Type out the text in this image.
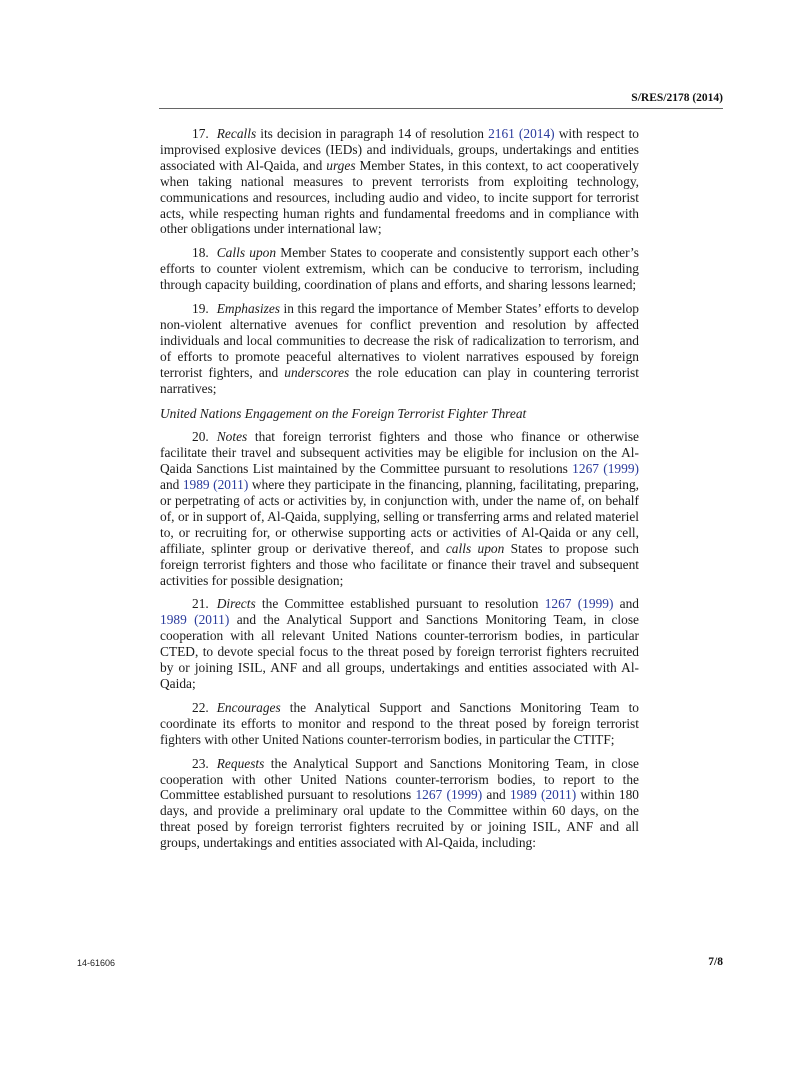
S/RES/2178 (2014)

17. Recalls its decision in paragraph 14 of resolution 2161 (2014) with respect to improvised explosive devices (IEDs) and individuals, groups, undertakings and entities associated with Al-Qaida, and urges Member States, in this context, to act cooperatively when taking national measures to prevent terrorists from exploiting technology, communications and resources, including audio and video, to incite support for terrorist acts, while respecting human rights and fundamental freedoms and in compliance with other obligations under international law;

18. Calls upon Member States to cooperate and consistently support each other’s efforts to counter violent extremism, which can be conducive to terrorism, including through capacity building, coordination of plans and efforts, and sharing lessons learned;

19. Emphasizes in this regard the importance of Member States’ efforts to develop non-violent alternative avenues for conflict prevention and resolution by affected individuals and local communities to decrease the risk of radicalization to terrorism, and of efforts to promote peaceful alternatives to violent narratives espoused by foreign terrorist fighters, and underscores the role education can play in countering terrorist narratives;

United Nations Engagement on the Foreign Terrorist Fighter Threat

20. Notes that foreign terrorist fighters and those who finance or otherwise facilitate their travel and subsequent activities may be eligible for inclusion on the Al-Qaida Sanctions List maintained by the Committee pursuant to resolutions 1267 (1999) and 1989 (2011) where they participate in the financing, planning, facilitating, preparing, or perpetrating of acts or activities by, in conjunction with, under the name of, on behalf of, or in support of, Al-Qaida, supplying, selling or transferring arms and related materiel to, or recruiting for, or otherwise supporting acts or activities of Al-Qaida or any cell, affiliate, splinter group or derivative thereof, and calls upon States to propose such foreign terrorist fighters and those who facilitate or finance their travel and subsequent activities for possible designation;

21. Directs the Committee established pursuant to resolution 1267 (1999) and 1989 (2011) and the Analytical Support and Sanctions Monitoring Team, in close cooperation with all relevant United Nations counter-terrorism bodies, in particular CTED, to devote special focus to the threat posed by foreign terrorist fighters recruited by or joining ISIL, ANF and all groups, undertakings and entities associated with Al-Qaida;

22. Encourages the Analytical Support and Sanctions Monitoring Team to coordinate its efforts to monitor and respond to the threat posed by foreign terrorist fighters with other United Nations counter-terrorism bodies, in particular the CTITF;

23. Requests the Analytical Support and Sanctions Monitoring Team, in close cooperation with other United Nations counter-terrorism bodies, to report to the Committee established pursuant to resolutions 1267 (1999) and 1989 (2011) within 180 days, and provide a preliminary oral update to the Committee within 60 days, on the threat posed by foreign terrorist fighters recruited by or joining ISIL, ANF and all groups, undertakings and entities associated with Al-Qaida, including:

14-61606	7/8
